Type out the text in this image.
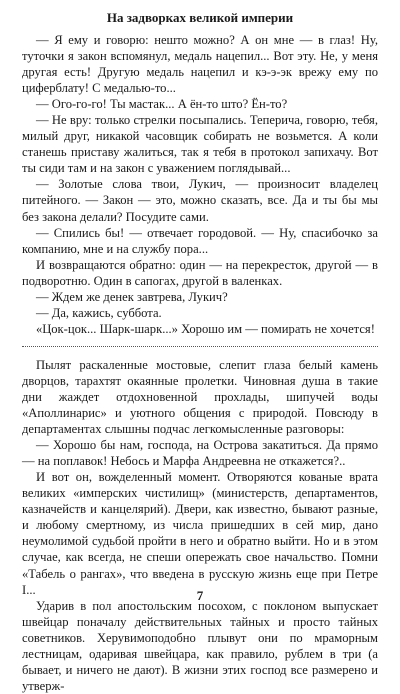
На задворках великой империи

— Я ему и говорю: нешто можно? А он мне — в глаз! Ну, туточки я закон вспомянул, медаль нацепил... Вот эту. Не, у меня другая есть! Другую медаль нацепил и кэ-э-эк врежу ему по циферблату! С медалью-то...

— Ого-го-го! Ты мастак... А ён-то што? Ён-то?

— Не вру: только стрелки посыпались. Теперича, говорю, тебя, милый друг, никакой часовщик собирать не возьмется. А коли станешь приставу жалиться, так я тебя в протокол запихачу. Вот ты сиди там и на закон с уважением поглядывай...

— Золотые слова твои, Лукич, — произносит владелец питейного. — Закон — это, можно сказать, все. Да и ты бы мы без закона делали? Посудите сами.

— Спились бы! — отвечает городовой. — Ну, спасибочко за компанию, мне и на службу пора...

И возвращаются обратно: один — на перекресток, другой — в подворотню. Один в сапогах, другой в валенках.

— Ждем же денек завтрева, Лукич?

— Да, кажись, суббота.

«Цок-цок... Шарк-шарк...» Хорошо им — помирать не хочется!

Пылят раскаленные мостовые, слепит глаза белый камень дворцов, тарахтят окаянные пролетки. Чиновная душа в такие дни жаждет отдохновенной прохлады, шипучей воды «Аполлинарис» и уютного общения с природой. Повсюду в департаментах слышны подчас легкомысленные разговоры:

— Хорошо бы нам, господа, на Острова закатиться. Да прямо — на поплавок! Небось и Марфа Андреевна не откажется?..

И вот он, вожделенный момент. Отворяются кованые врата великих «имперских чистилищ» (министерств, департаментов, казначейств и канцелярий). Двери, как известно, бывают разные, и любому смертному, из числа пришедших в сей мир, дано неумолимой судьбой пройти в него и обратно выйти. Но и в этом случае, как всегда, не спеши опережать свое начальство. Помни «Табель о рангах», что введена в русскую жизнь еще при Петре I...

Ударив в пол апостольским посохом, с поклоном выпускает швейцар поначалу действительных тайных и просто тайных советников. Херувимоподобно плывут они по мраморным лестницам, одаривая швейцара, как правило, рублем в три (а бывает, и ничего не дают). В жизни этих господ все размерено и утверж-

7
